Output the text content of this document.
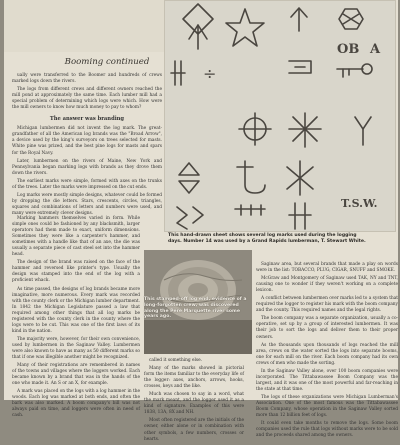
Booming continued

ually were transferred to the Boomer and hundreds of crews marked logs down the rivers.

The logs from different crews and different owners reached the mill pond at approximately the same time. Each lumber mill had a special problem of determining which logs were which. How were the mill owners to know how much money to pay to whom?

The answer was branding

Michigan lumbermen did not invent the log mark. The great-grandfather of all the American log brands was the "Broad Arrow", a device used by the king's surveyors on trees selected for masts. White pine was prized, and the best pine logs for masts and spars for the Royal Navy.

Later, lumbermen on the rivers of Maine, New York and Pennsylvania began marking logs with brands as they drove them down the rivers.

The earliest marks were simple, formed with axes on the trunks of the trees. Later the marks were impressed on the cut ends.

Log marks were mostly simple designs, whatever could be formed by dropping the die letters. Stars, crescents, circles, triangles, squares and combinations of letters and numbers were used, and many were extremely clever designs.

Marking hammers themselves varied in form. While simple ones could be fashioned by any blacksmith, larger operators had them made to exact, uniform dimensions. Sometimes they were like a carpenter's hammer, and sometimes with a handle like that of an axe, the die was usually a separate piece of cast steel set into the hammer head.

The design of the brand was raised on the face of the hammer and reversed like printer's type. Usually the design was stamped into the end of the log with a proficient whack.

As time passed, the designs of log brands became more imaginative, more numerous. Every mark was recorded with the county clerk or the Michigan lumber department. In 1842 the Michigan Legislature passed a law that required among other things that all log marks be registered with the county clerk in the county where the logs were to be cut. This was one of the first laws of its kind in the nation.

The majority were, however, for their own convenience, used by lumbermen in the Saginaw Valley. Lumbermen were also known to have as many as 50 different marks so that if one was illegible another might be recognized.

Many of their registrations are remembered in names of the towns and villages where the loggers worked. Each became known by a brand that was in the hands of the one who made it. An S or an X, for example.

A mark was placed on the logs with a log hammer in the woods. Each log was marked at both ends, and often the bark was also marked. A boom company's bill was not always paid on time, and loggers were often in need of cash.

OB A
÷
T.S.W.
This hand-drawn sheet shows several log marks used during the logging days. Number 14 was used by a Grand Rapids lumberman, T. Stewart White.
This stamped-off log end, evidence of a long-forgotten crew, was discovered along the Pere Marquette river some years ago.

called it something else.

Many of the marks showed in pictorial form the items familiar to the everyday life of the logger: axes, anchors, arrows, hooks, crosses, keys and the like.

Much was chosen to say in a word, what the mark meant, and the logger used it as a kind of signature. Examples of this were 1838, 13A, 8X and NH.

Most often registered are the initials of the owner, either alone or in combination with other symbols, a few numbers, crosses or hearts.

Saginaw area, but several brands that made a play on words were in the list: TOBACCO, PLUG, CIGAR, SNUFF and SMOKE.

McGraw and Montgomery of Saginaw used TAK, NY and TNT, causing one to wonder if they weren't working on a complete lexicon.

A conflict between lumbermen over marks led to a system that required the logger to register his mark with the boom company and the county. This required names and the legal rights.

The boom company was a separate organization, usually a co-operative, set up by a group of interested lumbermen. It was their job to sort the logs and deliver them to their proper owners.

As the thousands upon thousands of logs reached the mill area, crews on the water sorted the logs into separate booms, one for each mill on the river. Each boom company had its own crews of men who made the sorting.

In the Saginaw Valley alone, over 100 boom companies were incorporated. The Tittabawassee Boom Company was the largest, and it was one of the most powerful and far-reaching in the state at that time.

The logs of these organizations were Michigan Lumberman's Association. One of the most famous was the Tittabawassee Boom Company, whose operation in the Saginaw Valley sorted more than 12 billion feet of logs.

It could even take months to remove the logs. Some boom companies used the rule that logs without marks were to be sold and the proceeds shared among the owners.
